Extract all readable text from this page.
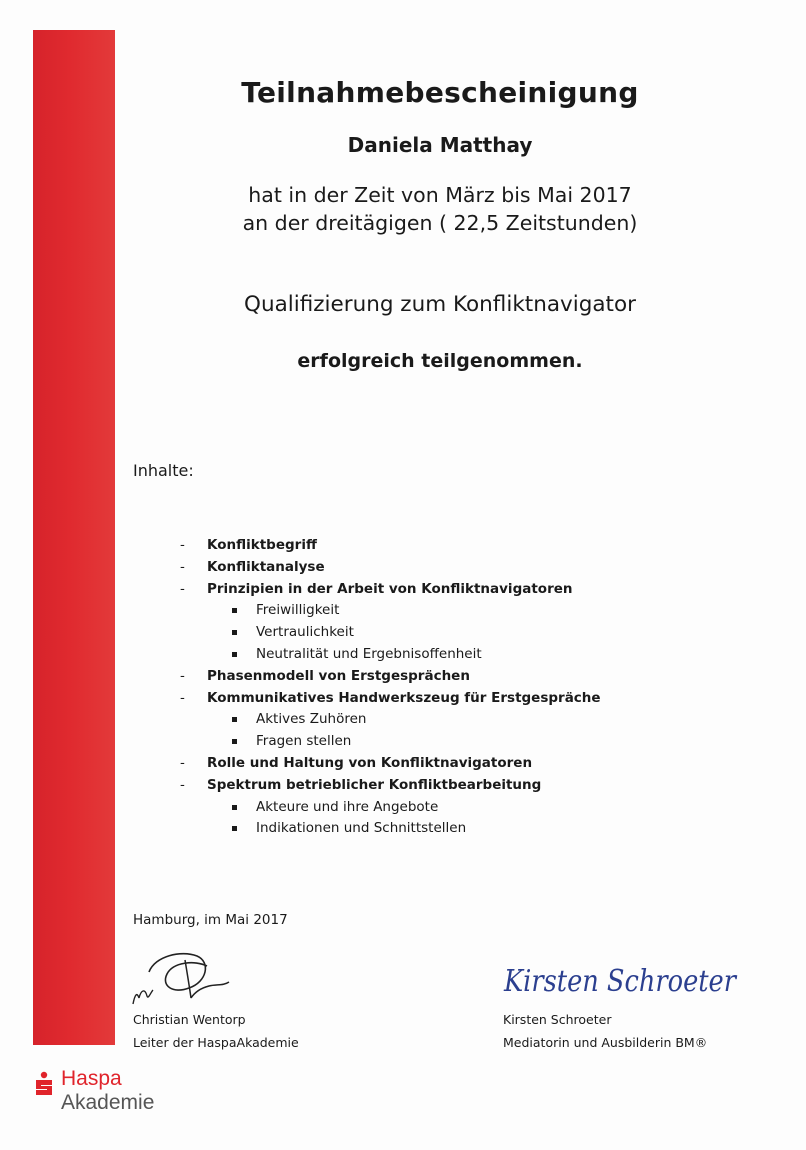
Teilnahmebescheinigung
Daniela Matthay
hat in der Zeit von März bis Mai 2017
an der dreitägigen ( 22,5 Zeitstunden)
Qualifizierung zum Konfliktnavigator
erfolgreich teilgenommen.
Inhalte:
- Konfliktbegriff
- Konfliktanalyse
- Prinzipien in der Arbeit von Konfliktnavigatoren
Freiwilligkeit
Vertraulichkeit
Neutralität und Ergebnisoffenheit
- Phasenmodell von Erstgesprächen
- Kommunikatives Handwerkszeug für Erstgespräche
Aktives Zuhören
Fragen stellen
- Rolle und Haltung von Konfliktnavigatoren
- Spektrum betrieblicher Konfliktbearbeitung
Akteure und ihre Angebote
Indikationen und Schnittstellen
Hamburg, im Mai 2017
Kirsten Schroeter
Christian Wentorp
Leiter der HaspaAkademie
Kirsten Schroeter
Mediatorin und Ausbilderin BM®
Haspa
Akademie
